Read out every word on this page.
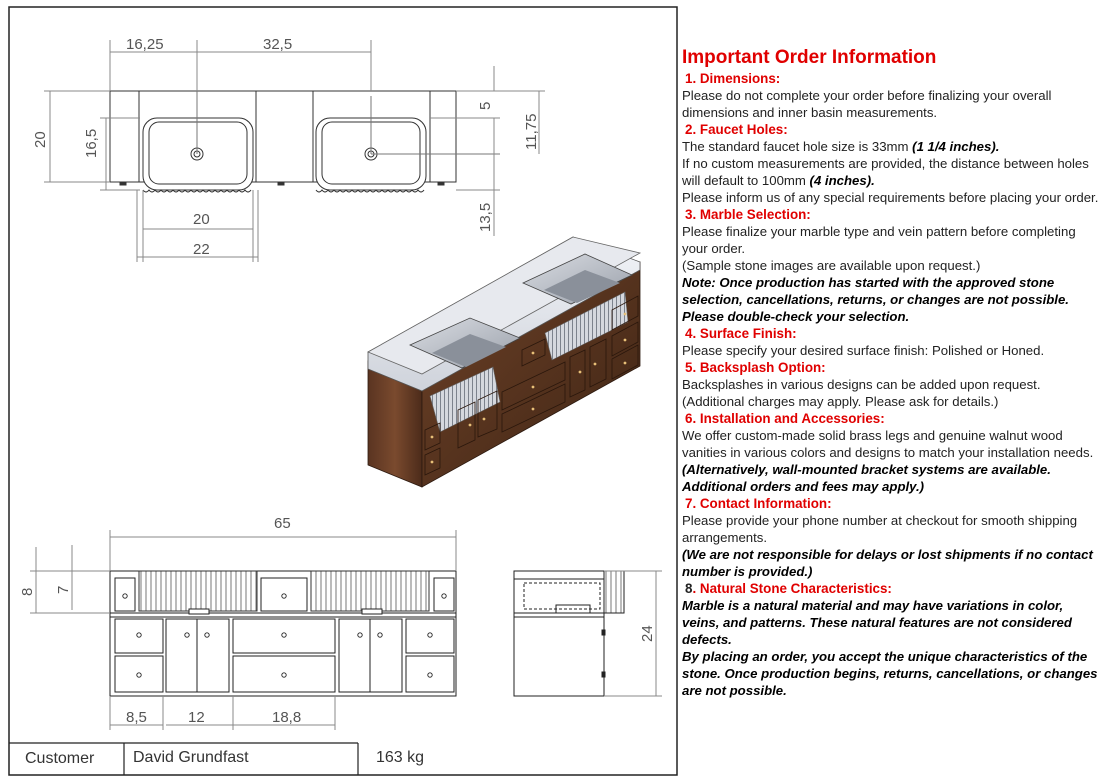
16,25	32,5
20 16,5
5
11,75
13,5
20
22
65
8 7
8,5	12	18,8
24
Customer David Grundfast	163 kg
Important Order Information
1. Dimensions:

Please do not complete your order before finalizing your overall dimensions and inner basin measurements.

2. Faucet Holes:

The standard faucet hole size is 33mm (1 1/4 inches).

If no custom measurements are provided, the distance between holes will default to 100mm (4 inches).

Please inform us of any special requirements before placing your order.

3. Marble Selection:

Please finalize your marble type and vein pattern before completing your order.

(Sample stone images are available upon request.)

Note: Once production has started with the approved stone selection, cancellations, returns, or changes are not possible. Please double-check your selection.

4. Surface Finish:

Please specify your desired surface finish: Polished or Honed.

5. Backsplash Option:

Backsplashes in various designs can be added upon request.

(Additional charges may apply. Please ask for details.)

6. Installation and Accessories:

We offer custom-made solid brass legs and genuine walnut wood vanities in various colors and designs to match your installation needs.

(Alternatively, wall-mounted bracket systems are available. Additional orders and fees may apply.)

7. Contact Information:

Please provide your phone number at checkout for smooth shipping arrangements.

(We are not responsible for delays or lost shipments if no contact number is provided.)

8. Natural Stone Characteristics:

Marble is a natural material and may have variations in color, veins, and patterns. These natural features are not considered defects.

By placing an order, you accept the unique characteristics of the stone. Once production begins, returns, cancellations, or changes are not possible.
